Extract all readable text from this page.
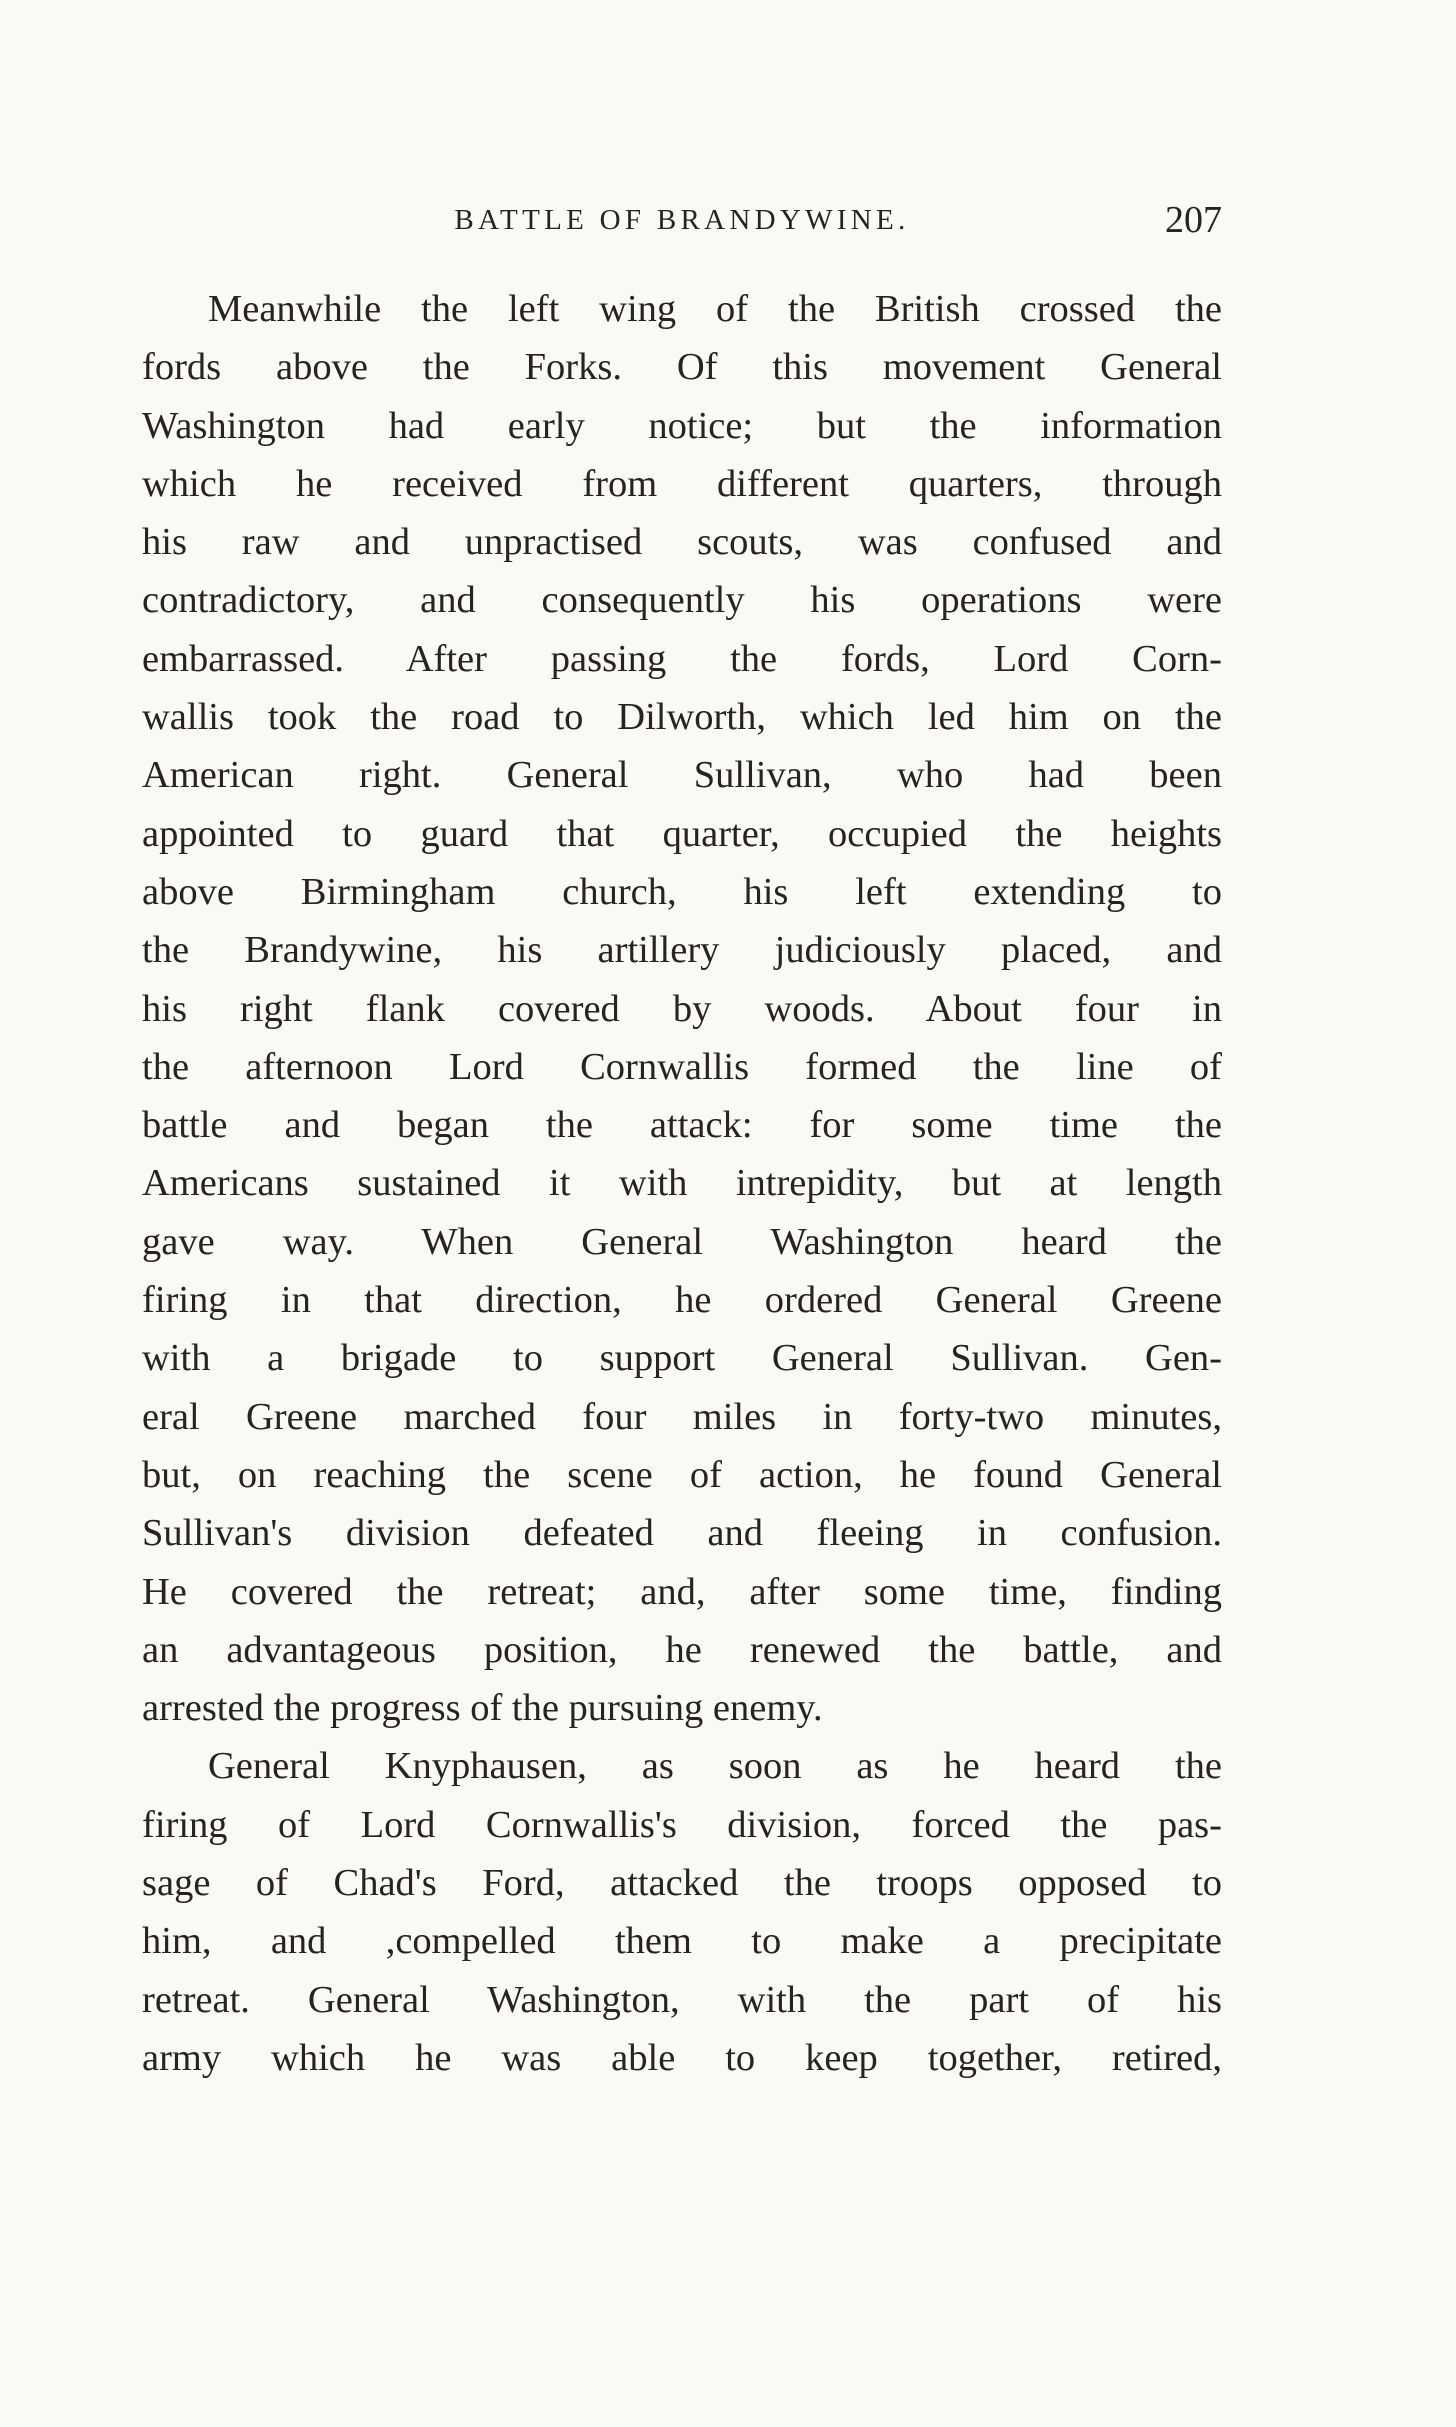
BATTLE OF BRANDYWINE.	207
Meanwhile the left wing of the British crossed the
fords above the Forks. Of this movement General
Washington had early notice; but the information
which he received from different quarters, through
his raw and unpractised scouts, was confused and
contradictory, and consequently his operations were
embarrassed. After passing the fords, Lord Corn-
wallis took the road to Dilworth, which led him on the
American right. General Sullivan, who had been
appointed to guard that quarter, occupied the heights
above Birmingham church, his left extending to
the Brandywine, his artillery judiciously placed, and
his right flank covered by woods. About four in
the afternoon Lord Cornwallis formed the line of
battle and began the attack: for some time the
Americans sustained it with intrepidity, but at length
gave way. When General Washington heard the
firing in that direction, he ordered General Greene
with a brigade to support General Sullivan. Gen-
eral Greene marched four miles in forty-two minutes,
but, on reaching the scene of action, he found General
Sullivan's division defeated and fleeing in confusion.
He covered the retreat; and, after some time, finding
an advantageous position, he renewed the battle, and
arrested the progress of the pursuing enemy.
General Knyphausen, as soon as he heard the
firing of Lord Cornwallis's division, forced the pas-
sage of Chad's Ford, attacked the troops opposed to
him, and ,compelled them to make a precipitate
retreat. General Washington, with the part of his
army which he was able to keep together, retired,
